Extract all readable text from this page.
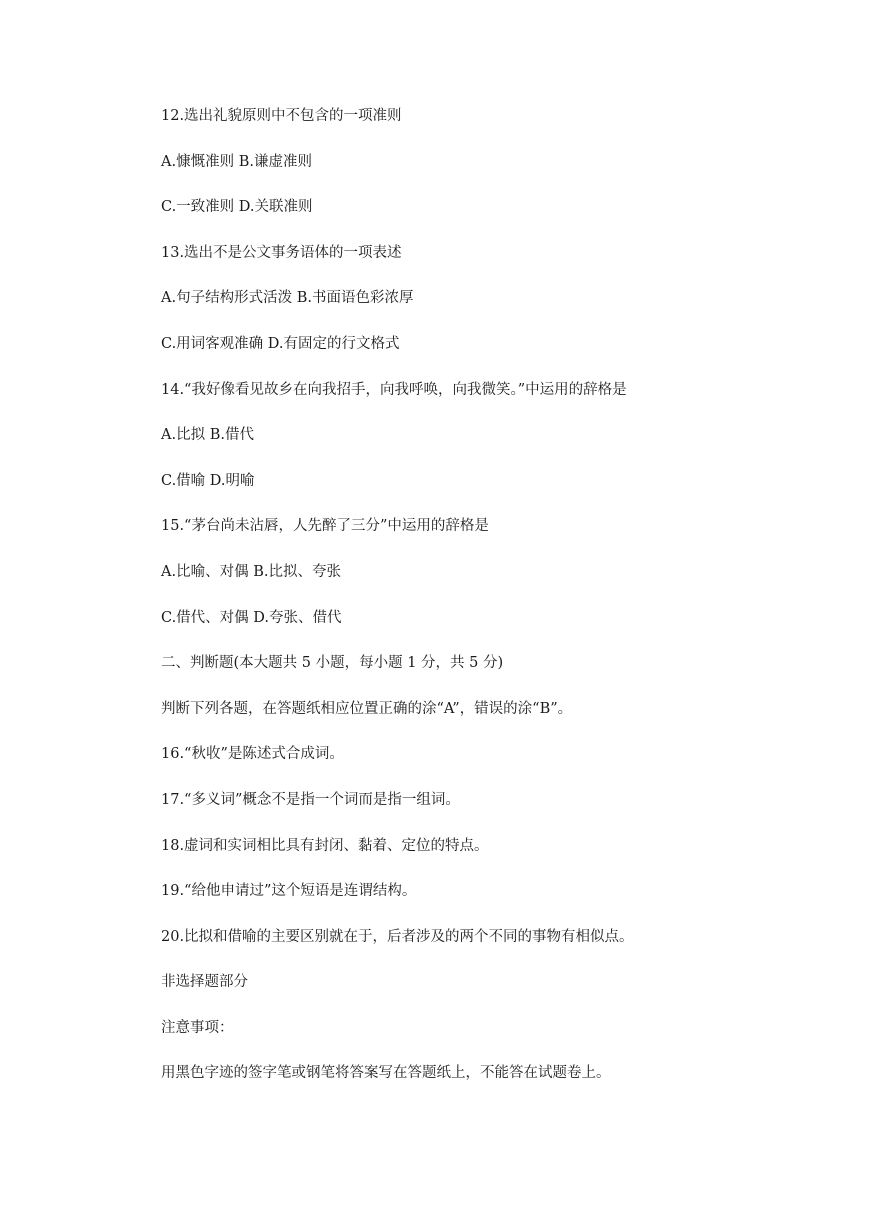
12.选出礼貌原则中不包含的一项准则
A.慷慨准则 B.谦虚准则
C.一致准则 D.关联准则
13.选出不是公文事务语体的一项表述
A.句子结构形式活泼 B.书面语色彩浓厚
C.用词客观准确 D.有固定的行文格式
14.“我好像看见故乡在向我招手，向我呼唤，向我微笑。”中运用的辞格是
A.比拟 B.借代
C.借喻 D.明喻
15.“茅台尚未沾唇，人先醉了三分”中运用的辞格是
A.比喻、对偶 B.比拟、夸张
C.借代、对偶 D.夸张、借代
二、判断题(本大题共 5 小题，每小题 1 分，共 5 分)
判断下列各题，在答题纸相应位置正确的涂“A”，错误的涂“B”。
16.“秋收”是陈述式合成词。
17.“多义词”概念不是指一个词而是指一组词。
18.虚词和实词相比具有封闭、黏着、定位的特点。
19.“给他申请过”这个短语是连谓结构。
20.比拟和借喻的主要区别就在于，后者涉及的两个不同的事物有相似点。
非选择题部分
注意事项：
用黑色字迹的签字笔或钢笔将答案写在答题纸上，不能答在试题卷上。
